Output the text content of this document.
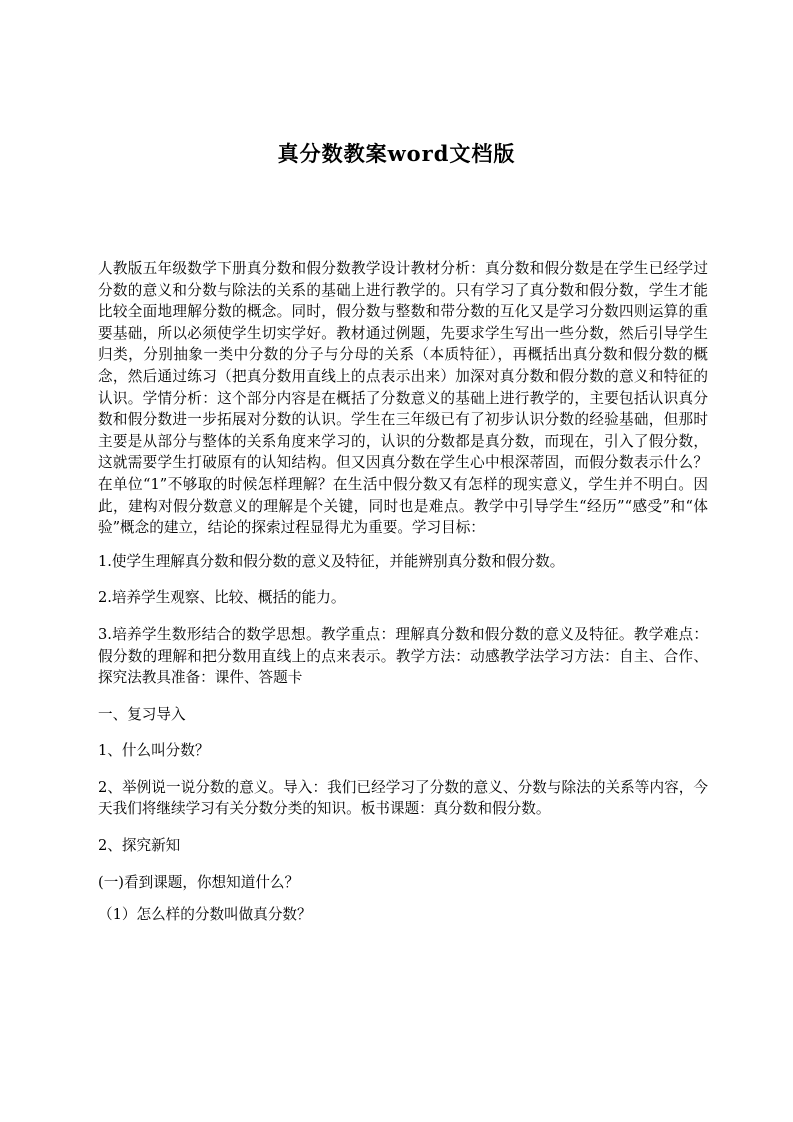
真分数教案word文档版

人教版五年级数学下册真分数和假分数教学设计教材分析：真分数和假分数是在学生已经学过分数的意义和分数与除法的关系的基础上进行教学的。只有学习了真分数和假分数，学生才能比较全面地理解分数的概念。同时，假分数与整数和带分数的互化又是学习分数四则运算的重要基础，所以必须使学生切实学好。教材通过例题，先要求学生写出一些分数，然后引导学生归类，分别抽象一类中分数的分子与分母的关系（本质特征），再概括出真分数和假分数的概念，然后通过练习（把真分数用直线上的点表示出来）加深对真分数和假分数的意义和特征的认识。学情分析：这个部分内容是在概括了分数意义的基础上进行教学的，主要包括认识真分数和假分数进一步拓展对分数的认识。学生在三年级已有了初步认识分数的经验基础，但那时主要是从部分与整体的关系角度来学习的，认识的分数都是真分数，而现在，引入了假分数，这就需要学生打破原有的认知结构。但又因真分数在学生心中根深蒂固，而假分数表示什么？在单位“1”不够取的时候怎样理解？在生活中假分数又有怎样的现实意义，学生并不明白。因此，建构对假分数意义的理解是个关键，同时也是难点。教学中引导学生“经历”“感受”和“体验”概念的建立，结论的探索过程显得尤为重要。学习目标：

1.使学生理解真分数和假分数的意义及特征，并能辨别真分数和假分数。

2.培养学生观察、比较、概括的能力。

3.培养学生数形结合的数学思想。教学重点：理解真分数和假分数的意义及特征。教学难点：假分数的理解和把分数用直线上的点来表示。教学方法：动感教学法学习方法：自主、合作、探究法教具准备：课件、答题卡

一、复习导入

1、什么叫分数？

2、举例说一说分数的意义。导入：我们已经学习了分数的意义、分数与除法的关系等内容，今天我们将继续学习有关分数分类的知识。板书课题：真分数和假分数。

2、探究新知

(一)看到课题，你想知道什么？

（1）怎么样的分数叫做真分数？
